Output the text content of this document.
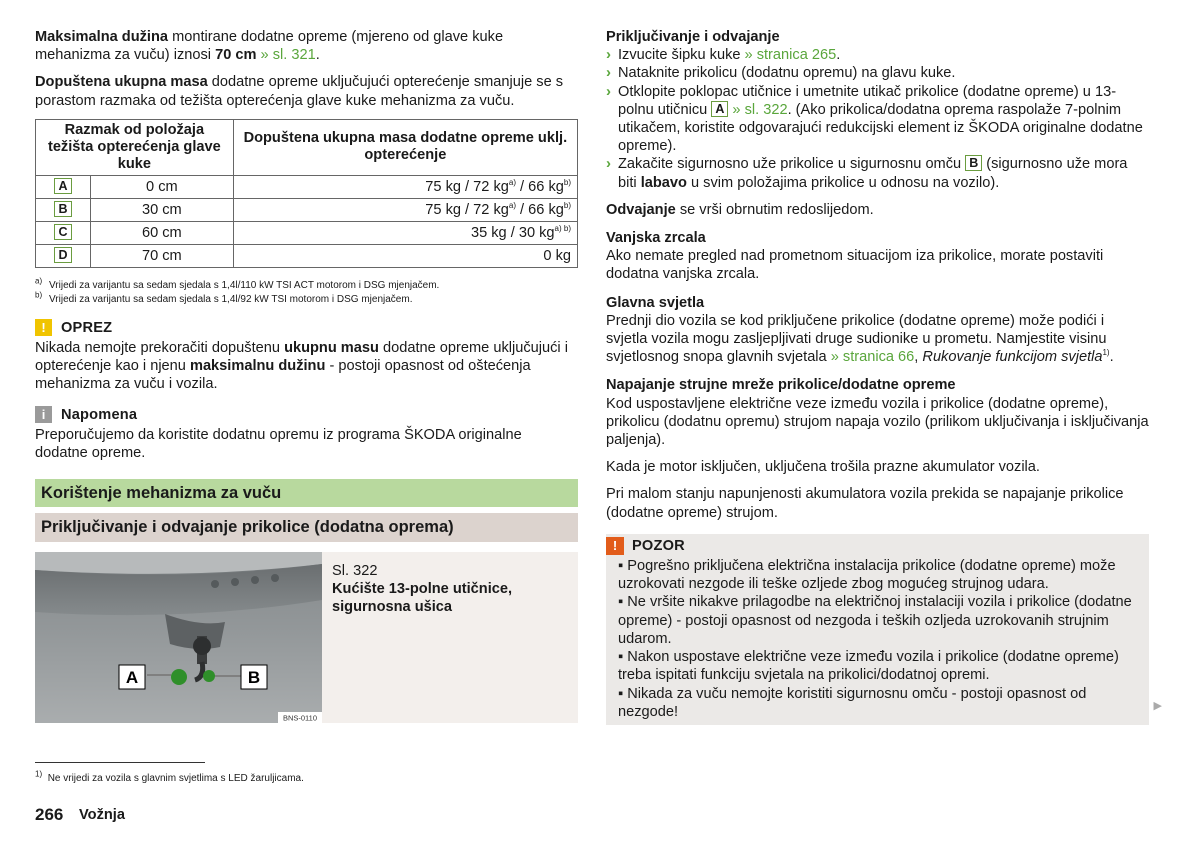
Maksimalna dužina montirane dodatne opreme (mjereno od glave kuke mehanizma za vuču) iznosi 70 cm » sl. 321.

Dopuštena ukupna masa dodatne opreme uključujući opterećenje smanjuje se s porastom razmaka od težišta opterećenja glave kuke mehanizma za vuču.

Razmak od položaja težišta opterećenja glave kuke		Dopuštena ukupna masa dodatne opreme uklj. opterećenje
A	0 cm	75 kg / 72 $kg^{a)} / 66$ $kg^{b)}$
B	30 cm	75 kg / 72 $kg^{a)} / 66$ $kg^{b)}$
C	60 cm	35 kg / 30 $kg^{a) b)}$
D	70 cm	0 kg

$^{a)}$ Vrijedi za varijantu sa sedam sjedala s 1,4l/110 kW TSI ACT motorom i DSG mjenjačem.

$^{b)}$ Vrijedi za varijantu sa sedam sjedala s 1,4l/92 kW TSI motorom i DSG mjenjačem.

!	OPREZ

Nikada nemojte prekoračiti dopuštenu ukupnu masu dodatne opreme uključujući i opterećenje kao i njenu maksimalnu dužinu - postoji opasnost od oštećenja mehanizma za vuču i vozila.

i	Napomena

Preporučujemo da koristite dodatnu opremu iz programa ŠKODA originalne dodatne opreme.

Korištenje mehanizma za vuču
Priključivanje i odvajanje prikolice (dodatna oprema)
A	B
BNS-0110
Sl. 322
Kućište 13-polne utičnice, sigurnosna ušica

Priključivanje i odvajanje

› Izvucite šipku kuke » stranica 265.
› Nataknite prikolicu (dodatnu opremu) na glavu kuke.
› Otklopite poklopac utičnice i umetnite utikač prikolice (dodatne opreme) u 13-polnu utičnicu A » sl. 322. (Ako prikolica/dodatna oprema raspolaže 7-polnim utikačem, koristite odgovarajući redukcijski element iz ŠKODA originalne dodatne opreme).
› Zakačite sigurnosno uže prikolice u sigurnosnu omču B (sigurnosno uže mora biti labavo u svim položajima prikolice u odnosu na vozilo).

Odvajanje se vrši obrnutim redoslijedom.

Vanjska zrcala

Ako nemate pregled nad prometnom situacijom iza prikolice, morate postaviti dodatna vanjska zrcala.

Glavna svjetla

Prednji dio vozila se kod priključene prikolice (dodatne opreme) može podići i svjetla vozila mogu zasljepljivati druge sudionike u prometu. Namjestite visinu svjetlosnog snopa glavnih svjetala » stranica 66, Rukovanje funkcijom svjetla$^{1)}$.

Napajanje strujne mreže prikolice/dodatne opreme

Kod uspostavljene električne veze između vozila i prikolice (dodatne opreme), prikolicu (dodatnu opremu) strujom napaja vozilo (prilikom uključivanja i isključivanja paljenja).

Kada je motor isključen, uključena trošila prazne akumulator vozila.

Pri malom stanju napunjenosti akumulatora vozila prekida se napajanje prikolice (dodatne opreme) strujom.

!	POZOR

▪ Pogrešno priključena električna instalacija prikolice (dodatne opreme) može uzrokovati nezgode ili teške ozljede zbog mogućeg strujnog udara.

▪ Ne vršite nikakve prilagodbe na električnoj instalaciji vozila i prikolice (dodatne opreme) - postoji opasnost od nezgoda i teških ozljeda uzrokovanih strujnim udarom.

▪ Nakon uspostave električne veze između vozila i prikolice (dodatne opreme) treba ispitati funkciju svjetala na prikolici/dodatnoj opremi.

▪ Nikada za vuču nemojte koristiti sigurnosnu omču - postoji opasnost od nezgode!	▶
$^{1)}$ Ne vrijedi za vozila s glavnim svjetlima s LED žaruljicama.
266 Vožnja
